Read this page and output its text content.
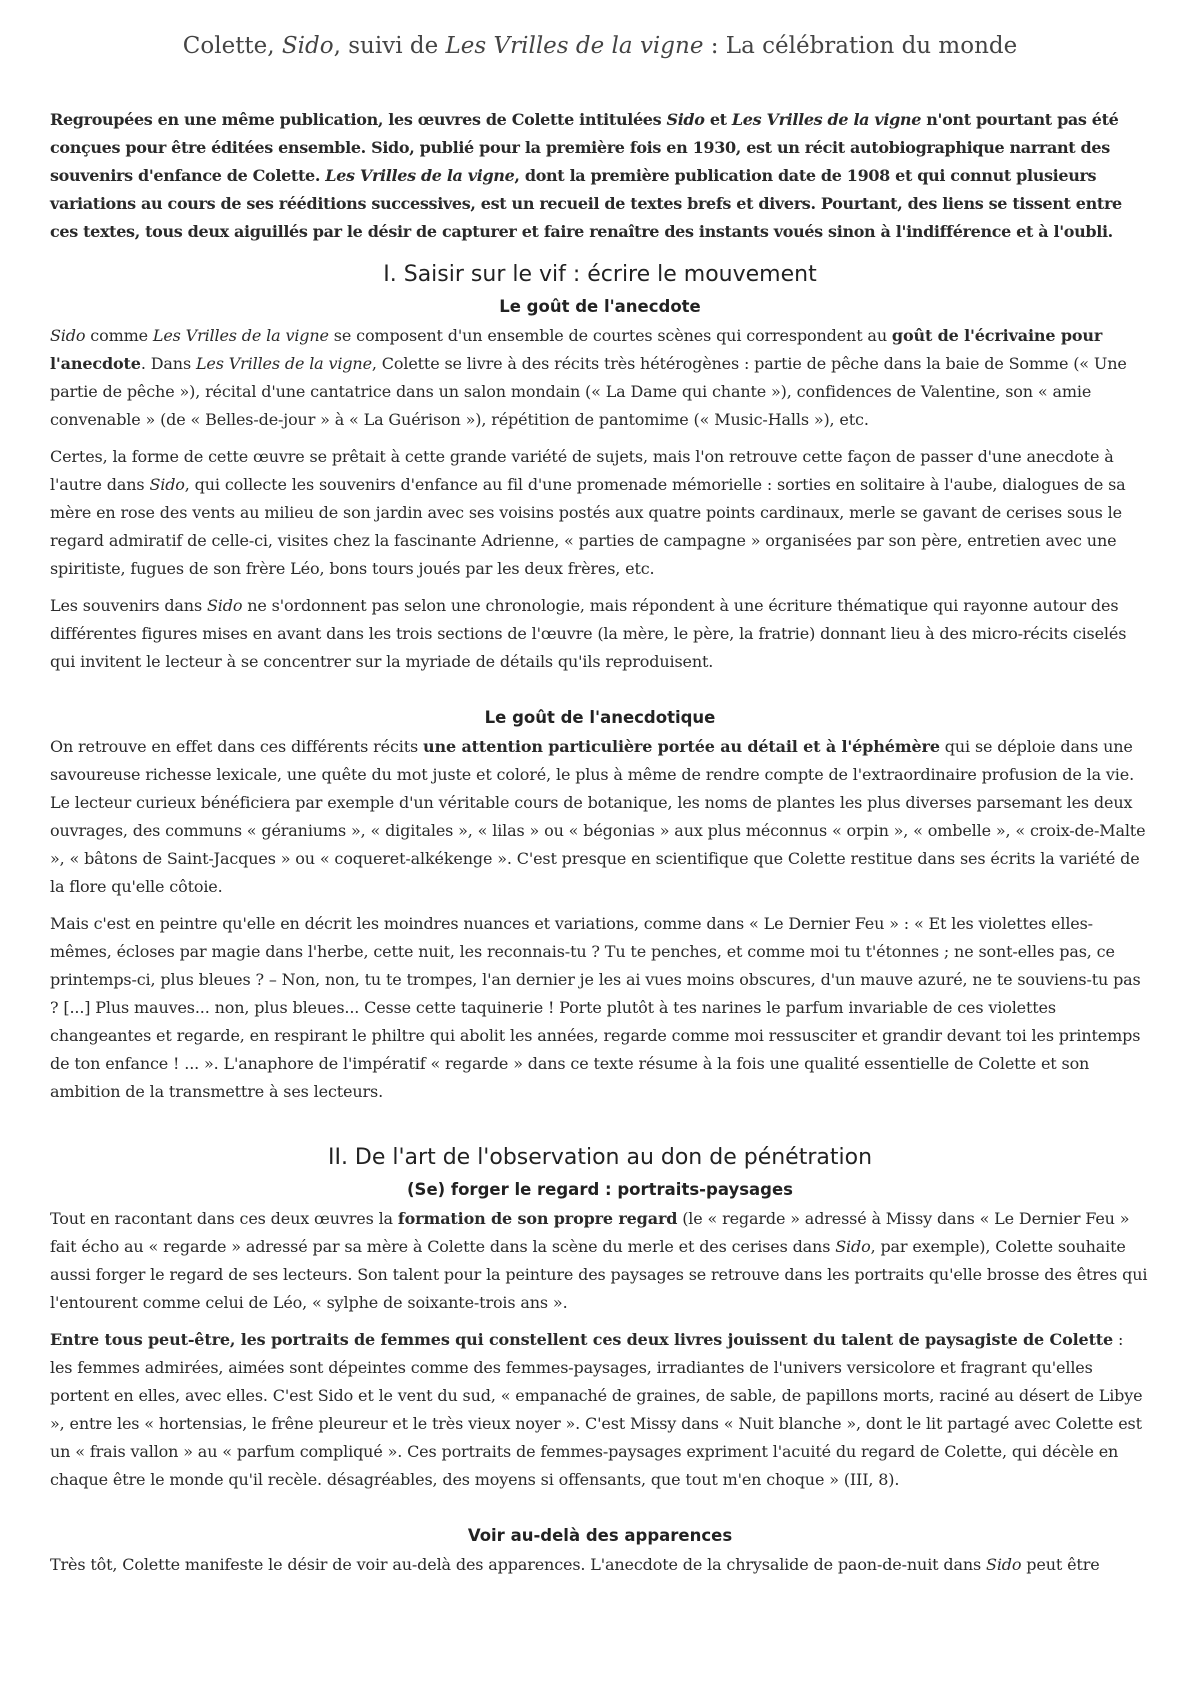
Colette, Sido, suivi de Les Vrilles de la vigne : La célébration du monde

Regroupées en une même publication, les œuvres de Colette intitulées Sido et Les Vrilles de la vigne n'ont pourtant pas été conçues pour être éditées ensemble. Sido, publié pour la première fois en 1930, est un récit autobiographique narrant des souvenirs d'enfance de Colette. Les Vrilles de la vigne, dont la première publication date de 1908 et qui connut plusieurs variations au cours de ses rééditions successives, est un recueil de textes brefs et divers. Pourtant, des liens se tissent entre ces textes, tous deux aiguillés par le désir de capturer et faire renaître des instants voués sinon à l'indifférence et à l'oubli.

I. Saisir sur le vif : écrire le mouvement
Le goût de l'anecdote

Sido comme Les Vrilles de la vigne se composent d'un ensemble de courtes scènes qui correspondent au goût de l'écrivaine pour l'anecdote. Dans Les Vrilles de la vigne, Colette se livre à des récits très hétérogènes : partie de pêche dans la baie de Somme (« Une partie de pêche »), récital d'une cantatrice dans un salon mondain (« La Dame qui chante »), confidences de Valentine, son « amie convenable » (de « Belles-de-jour » à « La Guérison »), répétition de pantomime (« Music-Halls »), etc.

Certes, la forme de cette œuvre se prêtait à cette grande variété de sujets, mais l'on retrouve cette façon de passer d'une anecdote à l'autre dans Sido, qui collecte les souvenirs d'enfance au fil d'une promenade mémorielle : sorties en solitaire à l'aube, dialogues de sa mère en rose des vents au milieu de son jardin avec ses voisins postés aux quatre points cardinaux, merle se gavant de cerises sous le regard admiratif de celle-ci, visites chez la fascinante Adrienne, « parties de campagne » organisées par son père, entretien avec une spiritiste, fugues de son frère Léo, bons tours joués par les deux frères, etc.

Les souvenirs dans Sido ne s'ordonnent pas selon une chronologie, mais répondent à une écriture thématique qui rayonne autour des différentes figures mises en avant dans les trois sections de l'œuvre (la mère, le père, la fratrie) donnant lieu à des micro-récits ciselés qui invitent le lecteur à se concentrer sur la myriade de détails qu'ils reproduisent.

Le goût de l'anecdotique

On retrouve en effet dans ces différents récits une attention particulière portée au détail et à l'éphémère qui se déploie dans une savoureuse richesse lexicale, une quête du mot juste et coloré, le plus à même de rendre compte de l'extraordinaire profusion de la vie. Le lecteur curieux bénéficiera par exemple d'un véritable cours de botanique, les noms de plantes les plus diverses parsemant les deux ouvrages, des communs « géraniums », « digitales », « lilas » ou « bégonias » aux plus méconnus « orpin », « ombelle », « croix-de-Malte », « bâtons de Saint-Jacques » ou « coqueret-alkékenge ». C'est presque en scientifique que Colette restitue dans ses écrits la variété de la flore qu'elle côtoie.

Mais c'est en peintre qu'elle en décrit les moindres nuances et variations, comme dans « Le Dernier Feu » : « Et les violettes elles-mêmes, écloses par magie dans l'herbe, cette nuit, les reconnais-tu ? Tu te penches, et comme moi tu t'étonnes ; ne sont-elles pas, ce printemps-ci, plus bleues ? – Non, non, tu te trompes, l'an dernier je les ai vues moins obscures, d'un mauve azuré, ne te souviens-tu pas ? [...] Plus mauves... non, plus bleues... Cesse cette taquinerie ! Porte plutôt à tes narines le parfum invariable de ces violettes changeantes et regarde, en respirant le philtre qui abolit les années, regarde comme moi ressusciter et grandir devant toi les printemps de ton enfance ! ... ». L'anaphore de l'impératif « regarde » dans ce texte résume à la fois une qualité essentielle de Colette et son ambition de la transmettre à ses lecteurs.

II. De l'art de l'observation au don de pénétration
(Se) forger le regard : portraits-paysages

Tout en racontant dans ces deux œuvres la formation de son propre regard (le « regarde » adressé à Missy dans « Le Dernier Feu » fait écho au « regarde » adressé par sa mère à Colette dans la scène du merle et des cerises dans Sido, par exemple), Colette souhaite aussi forger le regard de ses lecteurs. Son talent pour la peinture des paysages se retrouve dans les portraits qu'elle brosse des êtres qui l'entourent comme celui de Léo, « sylphe de soixante-trois ans ».

Entre tous peut-être, les portraits de femmes qui constellent ces deux livres jouissent du talent de paysagiste de Colette : les femmes admirées, aimées sont dépeintes comme des femmes-paysages, irradiantes de l'univers versicolore et fragrant qu'elles portent en elles, avec elles. C'est Sido et le vent du sud, « empanaché de graines, de sable, de papillons morts, raciné au désert de Libye », entre les « hortensias, le frêne pleureur et le très vieux noyer ». C'est Missy dans « Nuit blanche », dont le lit partagé avec Colette est un « frais vallon » au « parfum compliqué ». Ces portraits de femmes-paysages expriment l'acuité du regard de Colette, qui décèle en chaque être le monde qu'il recèle. désagréables, des moyens si offensants, que tout m'en choque » (III, 8).

Voir au-delà des apparences

Très tôt, Colette manifeste le désir de voir au-delà des apparences. L'anecdote de la chrysalide de paon-de-nuit dans Sido peut être
